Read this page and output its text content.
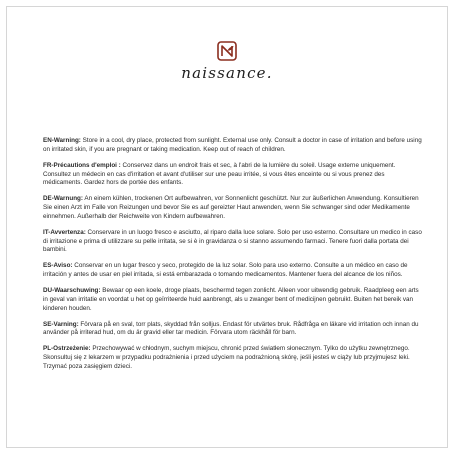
naissance.

EN-Warning: Store in a cool, dry place, protected from sunlight. External use only. Consult a doctor in case of irritation and before using on irritated skin, if you are pregnant or taking medication. Keep out of reach of children.

FR-Précautions d'emploi : Conservez dans un endroit frais et sec, à l'abri de la lumière du soleil. Usage externe uniquement. Consultez un médecin en cas d'irritation et avant d'utiliser sur une peau irritée, si vous êtes enceinte ou si vous prenez des médicaments. Gardez hors de portée des enfants.

DE-Warnung: An einem kühlen, trockenen Ort aufbewahren, vor Sonnenlicht geschützt. Nur zur äußerlichen Anwendung. Konsultieren Sie einen Arzt im Falle von Reizungen und bevor Sie es auf gereizter Haut anwenden, wenn Sie schwanger sind oder Medikamente einnehmen. Außerhalb der Reichweite von Kindern aufbewahren.

IT-Avvertenza: Conservare in un luogo fresco e asciutto, al riparo dalla luce solare. Solo per uso esterno. Consultare un medico in caso di irritazione e prima di utilizzare su pelle irritata, se si è in gravidanza o si stanno assumendo farmaci. Tenere fuori dalla portata dei bambini.

ES-Aviso: Conservar en un lugar fresco y seco, protegido de la luz solar. Solo para uso externo. Consulte a un médico en caso de irritación y antes de usar en piel irritada, si está embarazada o tomando medicamentos. Mantener fuera del alcance de los niños.

DU-Waarschuwing: Bewaar op een koele, droge plaats, beschermd tegen zonlicht. Alleen voor uitwendig gebruik. Raadpleeg een arts in geval van irritatie en voordat u het op geïrriteerde huid aanbrengt, als u zwanger bent of medicijnen gebruikt. Buiten het bereik van kinderen houden.

SE-Varning: Förvara på en sval, torr plats, skyddad från solljus. Endast för utvärtes bruk. Rådfråga en läkare vid irritation och innan du använder på irriterad hud, om du är gravid eller tar medicin. Förvara utom räckhåll för barn.

PL-Ostrzeżenie: Przechowywać w chłodnym, suchym miejscu, chronić przed światłem słonecznym. Tylko do użytku zewnętrznego. Skonsultuj się z lekarzem w przypadku podrażnienia i przed użyciem na podrażnioną skórę, jeśli jesteś w ciąży lub przyjmujesz leki. Trzymać poza zasięgiem dzieci.
